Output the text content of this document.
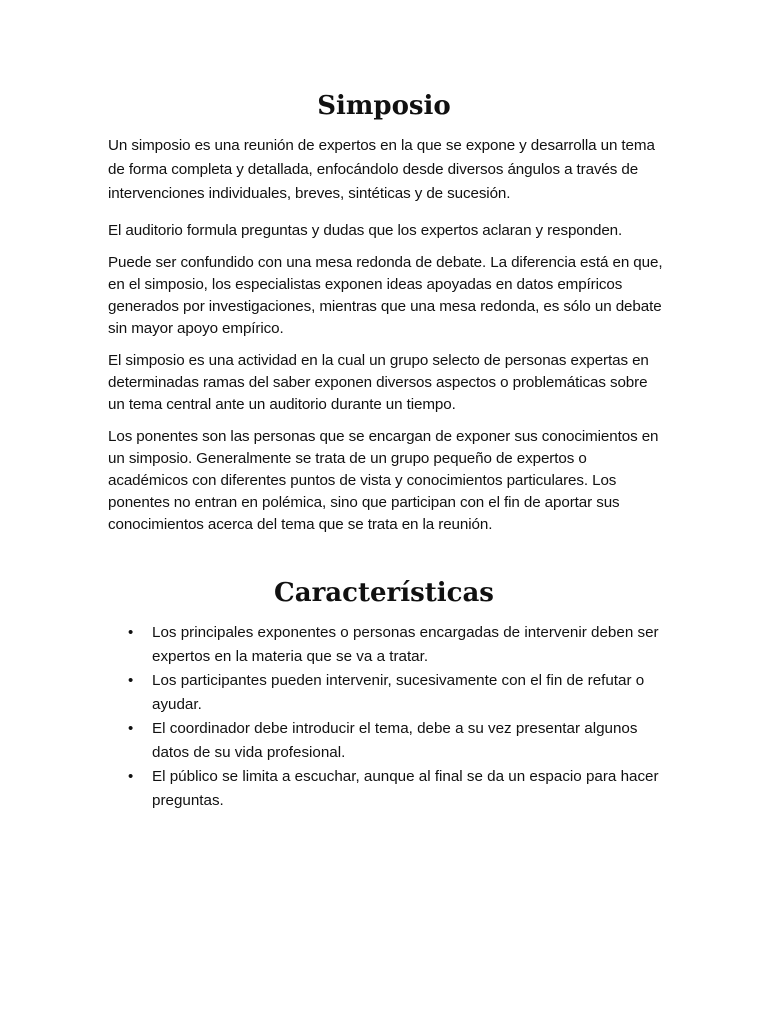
Simposio

Un simposio es una reunión de expertos en la que se expone y desarrolla un tema de forma completa y detallada, enfocándolo desde diversos ángulos a través de intervenciones individuales, breves, sintéticas y de sucesión.

El auditorio formula preguntas y dudas que los expertos aclaran y responden.

Puede ser confundido con una mesa redonda de debate. La diferencia está en que, en el simposio, los especialistas exponen ideas apoyadas en datos empíricos generados por investigaciones, mientras que una mesa redonda, es sólo un debate sin mayor apoyo empírico.

El simposio es una actividad en la cual un grupo selecto de personas expertas en determinadas ramas del saber exponen diversos aspectos o problemáticas sobre un tema central ante un auditorio durante un tiempo.

Los ponentes son las personas que se encargan de exponer sus conocimientos en un simposio. Generalmente se trata de un grupo pequeño de expertos o académicos con diferentes puntos de vista y conocimientos particulares. Los ponentes no entran en polémica, sino que participan con el fin de aportar sus conocimientos acerca del tema que se trata en la reunión.

Características
• Los principales exponentes o personas encargadas de intervenir deben ser expertos en la materia que se va a tratar.
• Los participantes pueden intervenir, sucesivamente con el fin de refutar o ayudar.
• El coordinador debe introducir el tema, debe a su vez presentar algunos datos de su vida profesional.
• El público se limita a escuchar, aunque al final se da un espacio para hacer preguntas.
